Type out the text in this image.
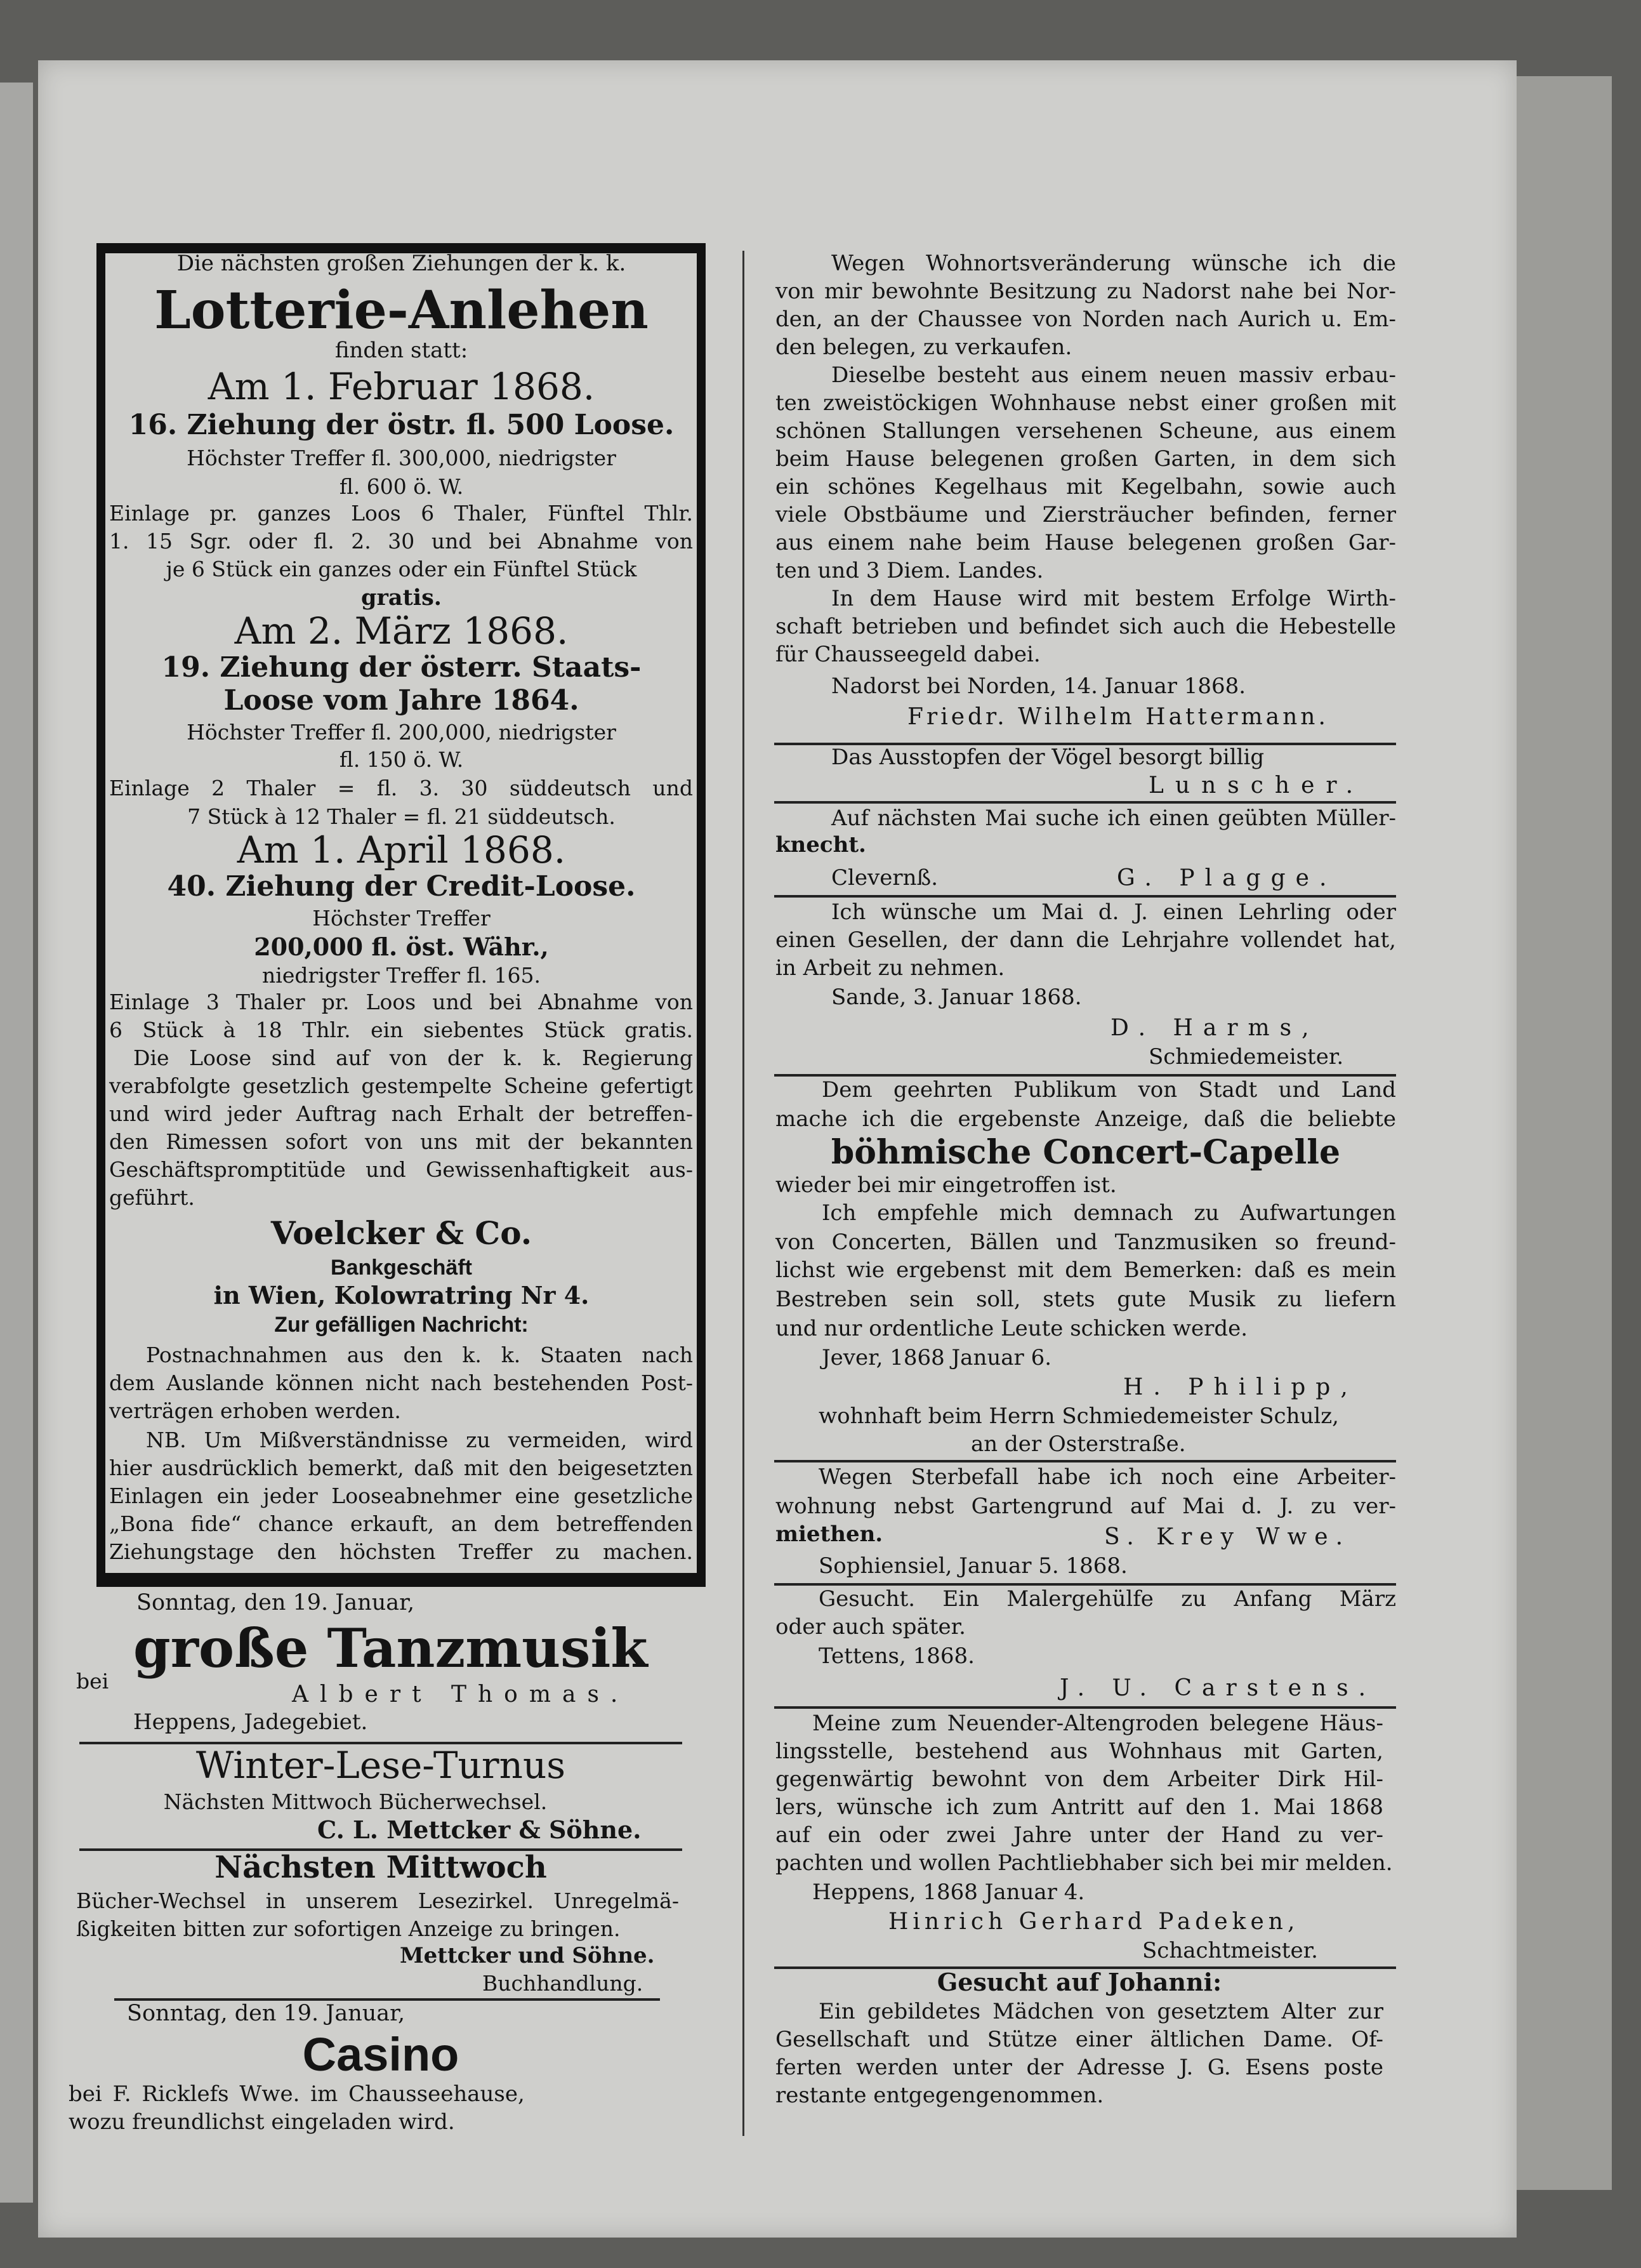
Die nächsten großen Ziehungen der k. k.
Lotterie-Anlehen
finden statt:
Am 1. Februar 1868.
16. Ziehung der östr. fl. 500 Loose.
Höchster Treffer fl. 300,000, niedrigster
fl. 600 ö. W.
Einlage pr. ganzes Loos 6 Thaler, Fünftel Thlr.
1. 15 Sgr. oder fl. 2. 30 und bei Abnahme von
je 6 Stück ein ganzes oder ein Fünftel Stück
gratis.
Am 2. März 1868.
19. Ziehung der österr. Staats-
Loose vom Jahre 1864.
Höchster Treffer fl. 200,000, niedrigster
fl. 150 ö. W.
Einlage 2 Thaler = fl. 3. 30 süddeutsch und
7 Stück à 12 Thaler = fl. 21 süddeutsch.
Am 1. April 1868.
40. Ziehung der Credit-Loose.
Höchster Treffer
200,000 fl. öst. Währ.,
niedrigster Treffer fl. 165.
Einlage 3 Thaler pr. Loos und bei Abnahme von
6 Stück à 18 Thlr. ein siebentes Stück gratis.
Die Loose sind auf von der k. k. Regierung
verabfolgte gesetzlich gestempelte Scheine gefertigt
und wird jeder Auftrag nach Erhalt der betreffen-
den Rimessen sofort von uns mit der bekannten
Geschäftspromptitüde und Gewissenhaftigkeit aus-
geführt.
Voelcker & Co.
Bankgeschäft
in Wien, Kolowratring Nr 4.
Zur gefälligen Nachricht:
Postnachnahmen aus den k. k. Staaten nach
dem Auslande können nicht nach bestehenden Post-
verträgen erhoben werden.
NB. Um Mißverständnisse zu vermeiden, wird
hier ausdrücklich bemerkt, daß mit den beigesetzten
Einlagen ein jeder Looseabnehmer eine gesetzliche
„Bona fide“ chance erkauft, an dem betreffenden
Ziehungstage den höchsten Treffer zu machen.
Sonntag, den 19. Januar,
große Tanzmusik
bei
Albert Thomas.
Heppens, Jadegebiet.
Winter-Lese-Turnus
Nächsten Mittwoch Bücherwechsel.
C. L. Mettcker & Söhne.
Nächsten Mittwoch
Bücher-Wechsel in unserem Lesezirkel. Unregelmä-
ßigkeiten bitten zur sofortigen Anzeige zu bringen.
Mettcker und Söhne.
Buchhandlung.
Sonntag, den 19. Januar,
Casino
bei F. Ricklefs Wwe. im Chausseehause,
wozu freundlichst eingeladen wird.
Wegen Wohnortsveränderung wünsche ich die
von mir bewohnte Besitzung zu Nadorst nahe bei Nor-
den, an der Chaussee von Norden nach Aurich u. Em-
den belegen, zu verkaufen.
Dieselbe besteht aus einem neuen massiv erbau-
ten zweistöckigen Wohnhause nebst einer großen mit
schönen Stallungen versehenen Scheune, aus einem
beim Hause belegenen großen Garten, in dem sich
ein schönes Kegelhaus mit Kegelbahn, sowie auch
viele Obstbäume und Ziersträucher befinden, ferner
aus einem nahe beim Hause belegenen großen Gar-
ten und 3 Diem. Landes.
In dem Hause wird mit bestem Erfolge Wirth-
schaft betrieben und befindet sich auch die Hebestelle
für Chausseegeld dabei.
Nadorst bei Norden, 14. Januar 1868.
Friedr. Wilhelm Hattermann.
Das Ausstopfen der Vögel besorgt billig
Lunscher.
Auf nächsten Mai suche ich einen geübten Müller-
knecht.
Clevernß.	G. Plagge.
Ich wünsche um Mai d. J. einen Lehrling oder
einen Gesellen, der dann die Lehrjahre vollendet hat,
in Arbeit zu nehmen.
Sande, 3. Januar 1868.
D. Harms,
Schmiedemeister.
Dem geehrten Publikum von Stadt und Land
mache ich die ergebenste Anzeige, daß die beliebte
böhmische Concert-Capelle
wieder bei mir eingetroffen ist.
Ich empfehle mich demnach zu Aufwartungen
von Concerten, Bällen und Tanzmusiken so freund-
lichst wie ergebenst mit dem Bemerken: daß es mein
Bestreben sein soll, stets gute Musik zu liefern
und nur ordentliche Leute schicken werde.
Jever, 1868 Januar 6.
H. Philipp,
wohnhaft beim Herrn Schmiedemeister Schulz,
an der Osterstraße.
Wegen Sterbefall habe ich noch eine Arbeiter-
wohnung nebst Gartengrund auf Mai d. J. zu ver-
miethen.	S. Krey Wwe.
Sophiensiel, Januar 5. 1868.
Gesucht. Ein Malergehülfe zu Anfang März
oder auch später.
Tettens, 1868.
J. U. Carstens.
Meine zum Neuender-Altengroden belegene Häus-
lingsstelle, bestehend aus Wohnhaus mit Garten,
gegenwärtig bewohnt von dem Arbeiter Dirk Hil-
lers, wünsche ich zum Antritt auf den 1. Mai 1868
auf ein oder zwei Jahre unter der Hand zu ver-
pachten und wollen Pachtliebhaber sich bei mir melden.
Heppens, 1868 Januar 4.
Hinrich Gerhard Padeken,
Schachtmeister.
Gesucht auf Johanni:
Ein gebildetes Mädchen von gesetztem Alter zur
Gesellschaft und Stütze einer ältlichen Dame. Of-
ferten werden unter der Adresse J. G. Esens poste
restante entgegengenommen.
